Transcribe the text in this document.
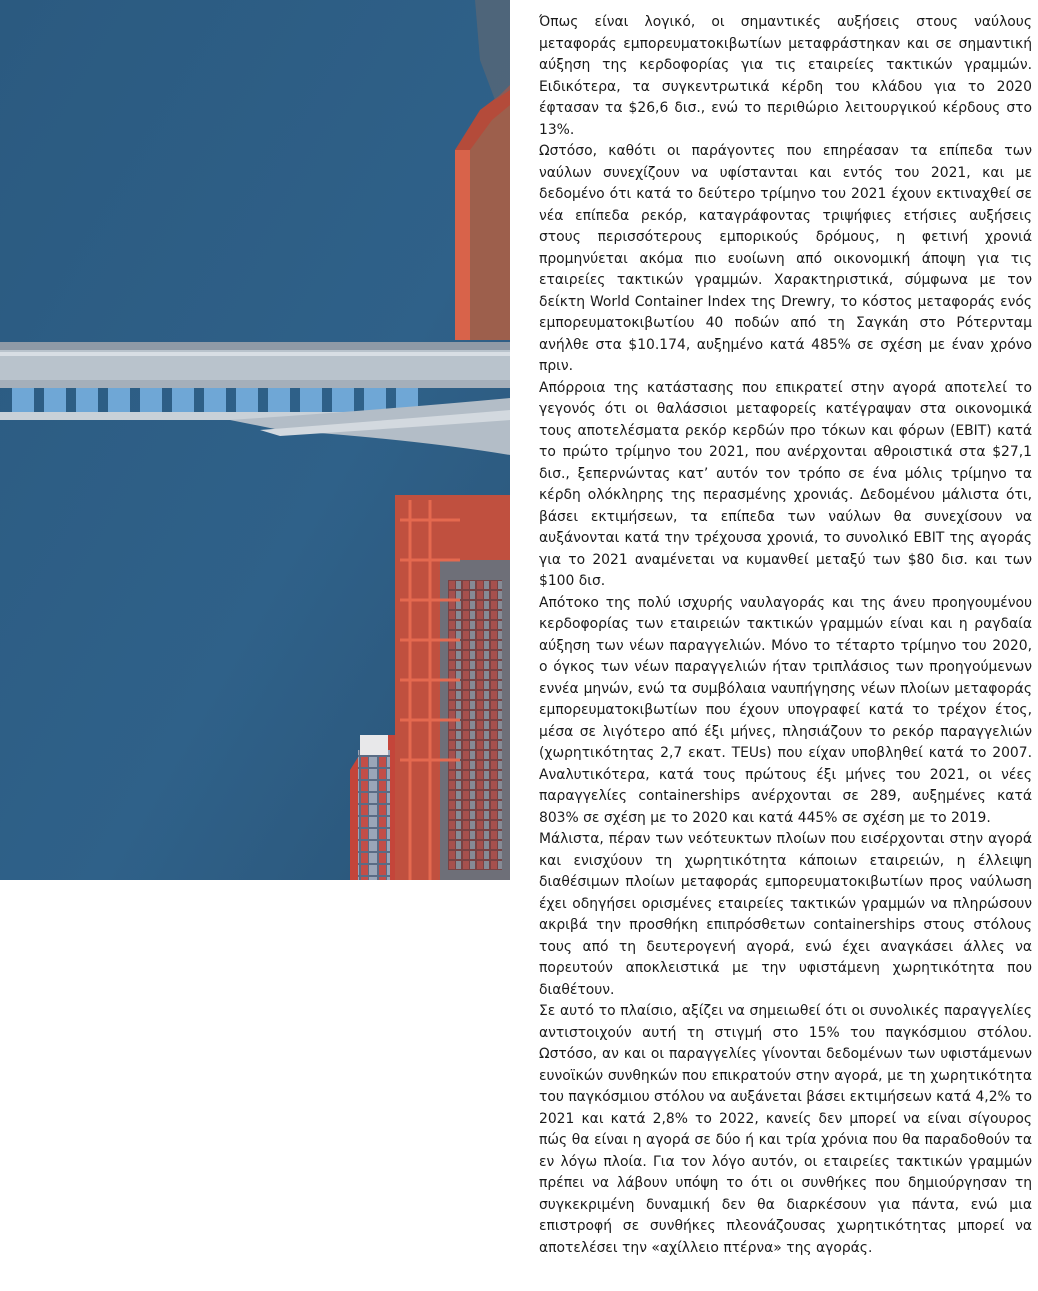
Όπως είναι λογικό, οι σημαντικές αυξήσεις στους ναύλους μεταφοράς εμπορευματοκιβωτίων μεταφράστηκαν και σε σημαντική αύξηση της κερδοφορίας για τις εταιρείες τακτικών γραμμών. Ειδικότερα, τα συγκεντρωτικά κέρδη του κλάδου για το 2020 έφτασαν τα $26,6 δισ., ενώ το περιθώριο λειτουργικού κέρδους στο 13%.

Ωστόσο, καθότι οι παράγοντες που επηρέασαν τα επίπεδα των ναύλων συνεχίζουν να υφίστανται και εντός του 2021, και με δεδομένο ότι κατά το δεύτερο τρίμηνο του 2021 έχουν εκτιναχθεί σε νέα επίπεδα ρεκόρ, καταγράφοντας τριψήφιες ετήσιες αυξήσεις στους περισσότερους εμπορικούς δρόμους, η φετινή χρονιά προμηνύεται ακόμα πιο ευοίωνη από οικονομική άποψη για τις εταιρείες τακτικών γραμμών. Χαρακτηριστικά, σύμφωνα με τον δείκτη World Container Index της Drewry, το κόστος μεταφοράς ενός εμπορευματοκιβωτίου 40 ποδών από τη Σαγκάη στο Ρότερνταμ ανήλθε στα $10.174, αυξημένο κατά 485% σε σχέση με έναν χρόνο πριν.

Απόρροια της κατάστασης που επικρατεί στην αγορά αποτελεί το γεγονός ότι οι θαλάσσιοι μεταφορείς κατέγραψαν στα οικονομικά τους αποτελέσματα ρεκόρ κερδών προ τόκων και φόρων (EBIT) κατά το πρώτο τρίμηνο του 2021, που ανέρχονται αθροιστικά στα $27,1 δισ., ξεπερνώντας κατ’ αυτόν τον τρόπο σε ένα μόλις τρίμηνο τα κέρδη ολόκληρης της περασμένης χρονιάς. Δεδομένου μάλιστα ότι, βάσει εκτιμήσεων, τα επίπεδα των ναύλων θα συνεχίσουν να αυξάνονται κατά την τρέχουσα χρονιά, το συνολικό EBIT της αγοράς για το 2021 αναμένεται να κυμανθεί μεταξύ των $80 δισ. και των $100 δισ.

Απότοκο της πολύ ισχυρής ναυλαγοράς και της άνευ προηγουμένου κερδοφορίας των εταιρειών τακτικών γραμμών είναι και η ραγδαία αύξηση των νέων παραγγελιών. Μόνο το τέταρτο τρίμηνο του 2020, ο όγκος των νέων παραγγελιών ήταν τριπλάσιος των προηγούμενων εννέα μηνών, ενώ τα συμβόλαια ναυπήγησης νέων πλοίων μεταφοράς εμπορευματοκιβωτίων που έχουν υπογραφεί κατά το τρέχον έτος, μέσα σε λιγότερο από έξι μήνες, πλησιάζουν το ρεκόρ παραγγελιών (χωρητικότητας 2,7 εκατ. TEUs) που είχαν υποβληθεί κατά το 2007. Αναλυτικότερα, κατά τους πρώτους έξι μήνες του 2021, οι νέες παραγγελίες containerships ανέρχονται σε 289, αυξημένες κατά 803% σε σχέση με το 2020 και κατά 445% σε σχέση με το 2019.

Μάλιστα, πέραν των νεότευκτων πλοίων που εισέρχονται στην αγορά και ενισχύουν τη χωρητικότητα κάποιων εταιρειών, η έλλειψη διαθέσιμων πλοίων μεταφοράς εμπορευματοκιβωτίων προς ναύλωση έχει οδηγήσει ορισμένες εταιρείες τακτικών γραμμών να πληρώσουν ακριβά την προσθήκη επιπρόσθετων containerships στους στόλους τους από τη δευτερογενή αγορά, ενώ έχει αναγκάσει άλλες να πορευτούν αποκλειστικά με την υφιστάμενη χωρητικότητα που διαθέτουν.

Σε αυτό το πλαίσιο, αξίζει να σημειωθεί ότι οι συνολικές παραγγελίες αντιστοιχούν αυτή τη στιγμή στο 15% του παγκόσμιου στόλου. Ωστόσο, αν και οι παραγγελίες γίνονται δεδομένων των υφιστάμενων ευνοϊκών συνθηκών που επικρατούν στην αγορά, με τη χωρητικότητα του παγκόσμιου στόλου να αυξάνεται βάσει εκτιμήσεων κατά 4,2% το 2021 και κατά 2,8% το 2022, κανείς δεν μπορεί να είναι σίγουρος πώς θα είναι η αγορά σε δύο ή και τρία χρόνια που θα παραδοθούν τα εν λόγω πλοία. Για τον λόγο αυτόν, οι εταιρείες τακτικών γραμμών πρέπει να λάβουν υπόψη το ότι οι συνθήκες που δημιούργησαν τη συγκεκριμένη δυναμική δεν θα διαρκέσουν για πάντα, ενώ μια επιστροφή σε συνθήκες πλεονάζουσας χωρητικότητας μπορεί να αποτελέσει την «αχίλλειο πτέρνα» της αγοράς.
